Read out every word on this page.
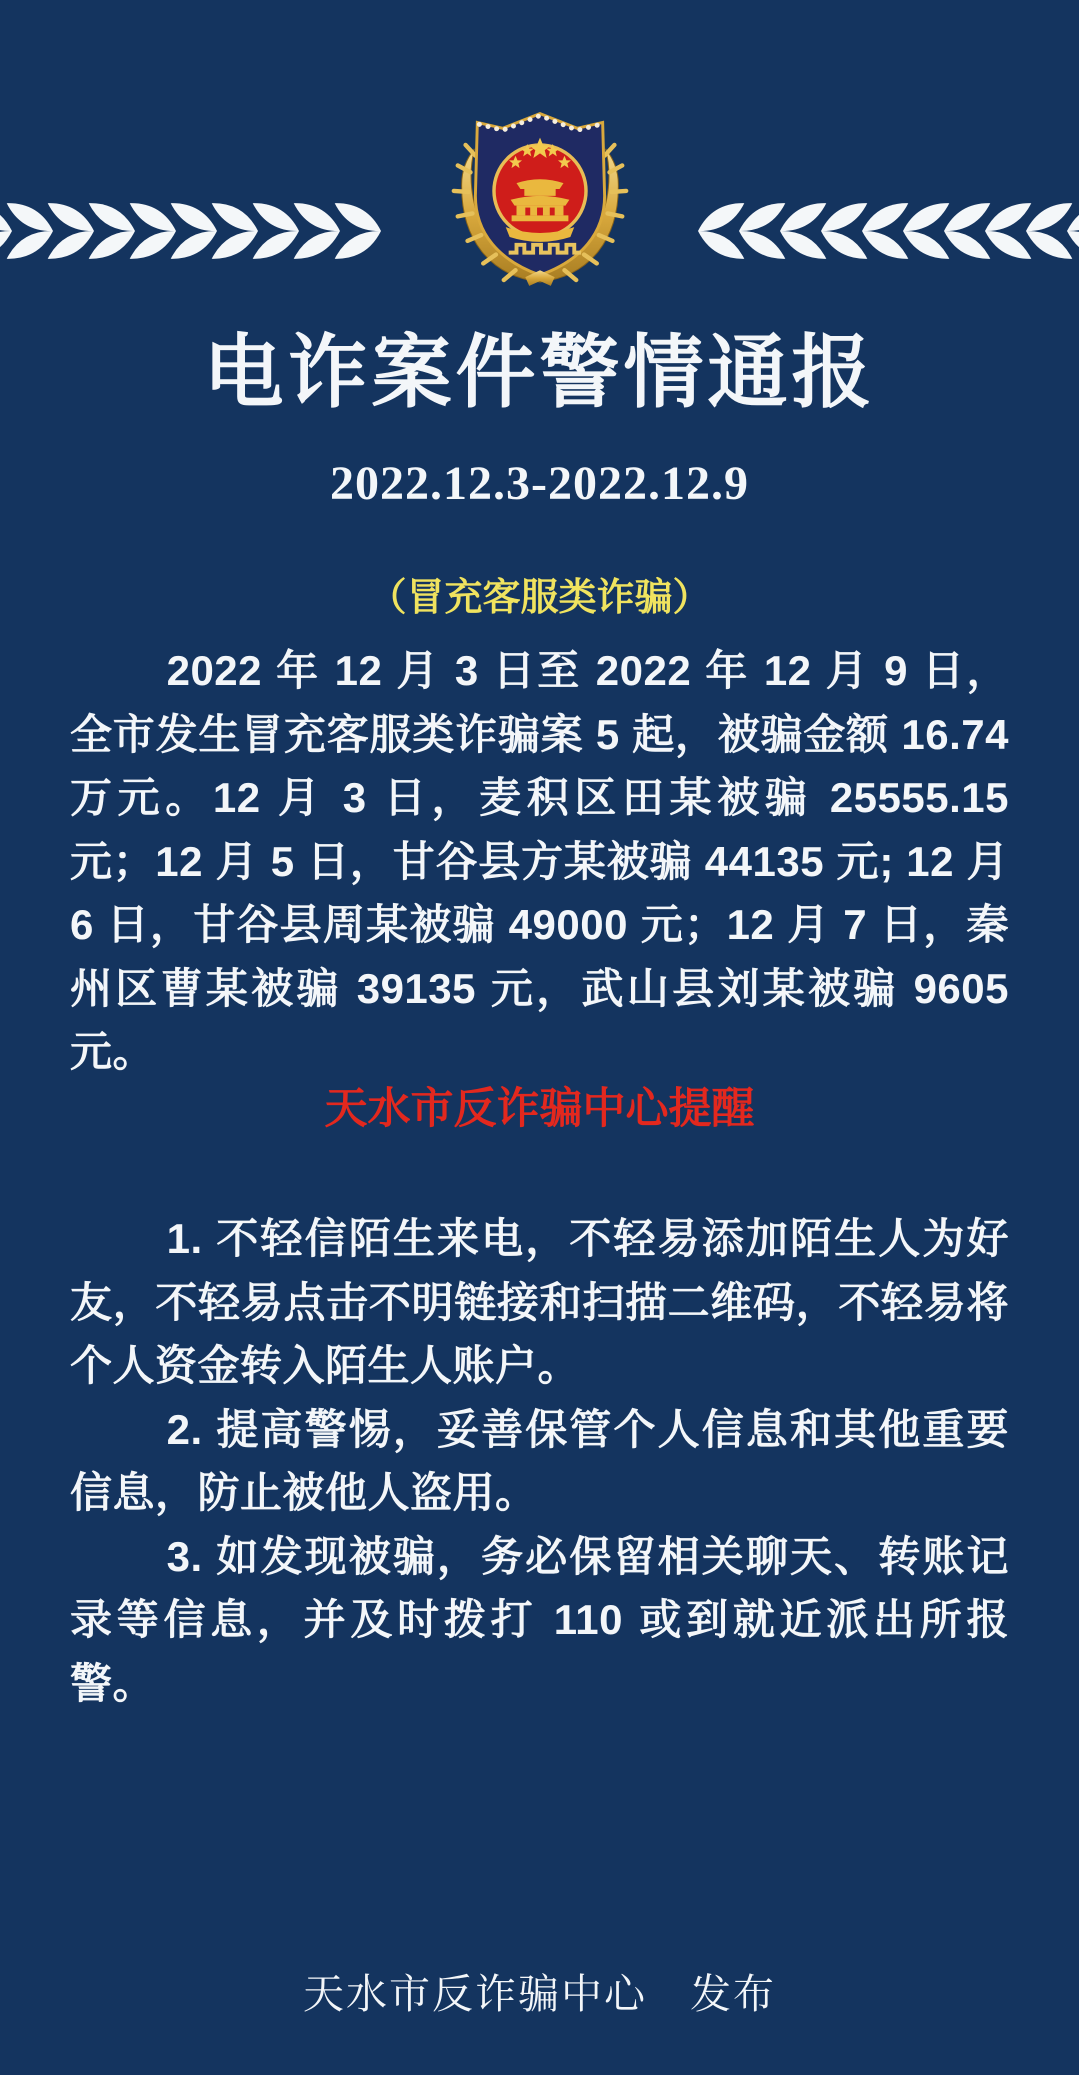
电诈案件警情通报
2022.12.3-2022.12.9
（冒充客服类诈骗）

2022 年 12 月 3 日至 2022 年 12 月 9 日，全市发生冒充客服类诈骗案 5 起，被骗金额 16.74 万元。12 月 3 日，麦积区田某被骗 25555.15 元；12 月 5 日，甘谷县方某被骗 44135 元; 12 月 6 日，甘谷县周某被骗 49000 元；12 月 7 日，秦州区曹某被骗 39135 元，武山县刘某被骗 9605 元。

天水市反诈骗中心提醒

1. 不轻信陌生来电，不轻易添加陌生人为好友，不轻易点击不明链接和扫描二维码，不轻易将个人资金转入陌生人账户。

2. 提高警惕，妥善保管个人信息和其他重要信息，防止被他人盗用。

3. 如发现被骗，务必保留相关聊天、转账记录等信息，并及时拨打 110 或到就近派出所报警。

天水市反诈骗中心　发布
